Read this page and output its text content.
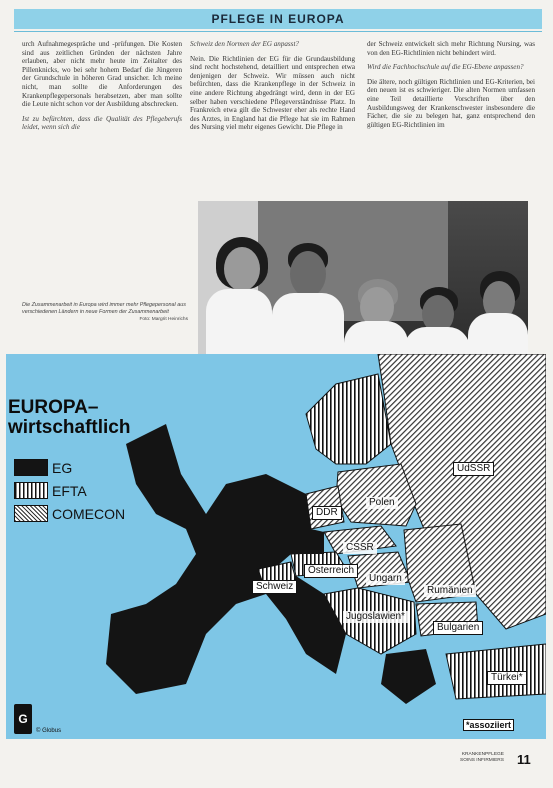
PFLEGE IN EUROPA

urch Aufnahmegespräche und -prüfungen. Die Kosten sind aus zeitlichen Gründen der nächsten Jahre erlauben, aber nicht mehr heute im Zeitalter des Pillenknicks, wo bei sehr hohem Bedarf die Jüngeren der Grundschule in höheren Grad unsicher. Ich meine nicht, man sollte die Anforderungen des Krankenpflegepersonals herabsetzen, aber man sollte die Leute nicht schon vor der Ausbildung abschrecken.

Ist zu befürchten, dass die Qualität des Pflegeberufs leidet, wenn sich die

Schweiz den Normen der EG anpasst?

Nein. Die Richtlinien der EG für die Grundausbildung sind recht hochstehend, detailliert und entsprechen etwa denjenigen der Schweiz. Wir müssen auch nicht befürchten, dass die Krankenpflege in der Schweiz in eine andere Richtung abgedrängt wird, denn in der EG selber haben verschiedene Pflegeverständnisse Platz. In Frankreich etwa gilt die Schwester eher als rechte Hand des Arztes, in England hat die Pflege hat sie im Rahmen des Nursing viel mehr eigenes Gewicht. Die Pflege in

der Schweiz entwickelt sich mehr Richtung Nursing, was von den EG-Richtlinien nicht behindert wird.

Wird die Fachhochschule auf die EG-Ebene anpassen?

Die ältere, noch gültigen Richtlinien und EG-Kriterien, bei den neuen ist es schwieriger. Die alten Normen umfassen eine Teil detaillierte Vorschriften über den Ausbildungsweg der Krankenschwester insbesondere die Fächer, die sie zu belegen hat, ganz entsprechend den gültigen EG-Richtlinien im

Die Zusammenarbeit in Europa wird immer mehr Pflegepersonal aus verschiedenen Ländern in neue Formen der Zusammenarbeit
Foto: Margrit Heinrichs
EUROPA–
wirtschaftlich
EG
EFTA
COMECON
UdSSR
Polen
DDR
CSSR
Österreich
Schweiz
Ungarn
Rumänien
Jugoslawien*
Bulgarien
Türkei*
*assoziiert
G
© Globus
KRANKENPFLEGE
SOINS INFIRMIERS 11
